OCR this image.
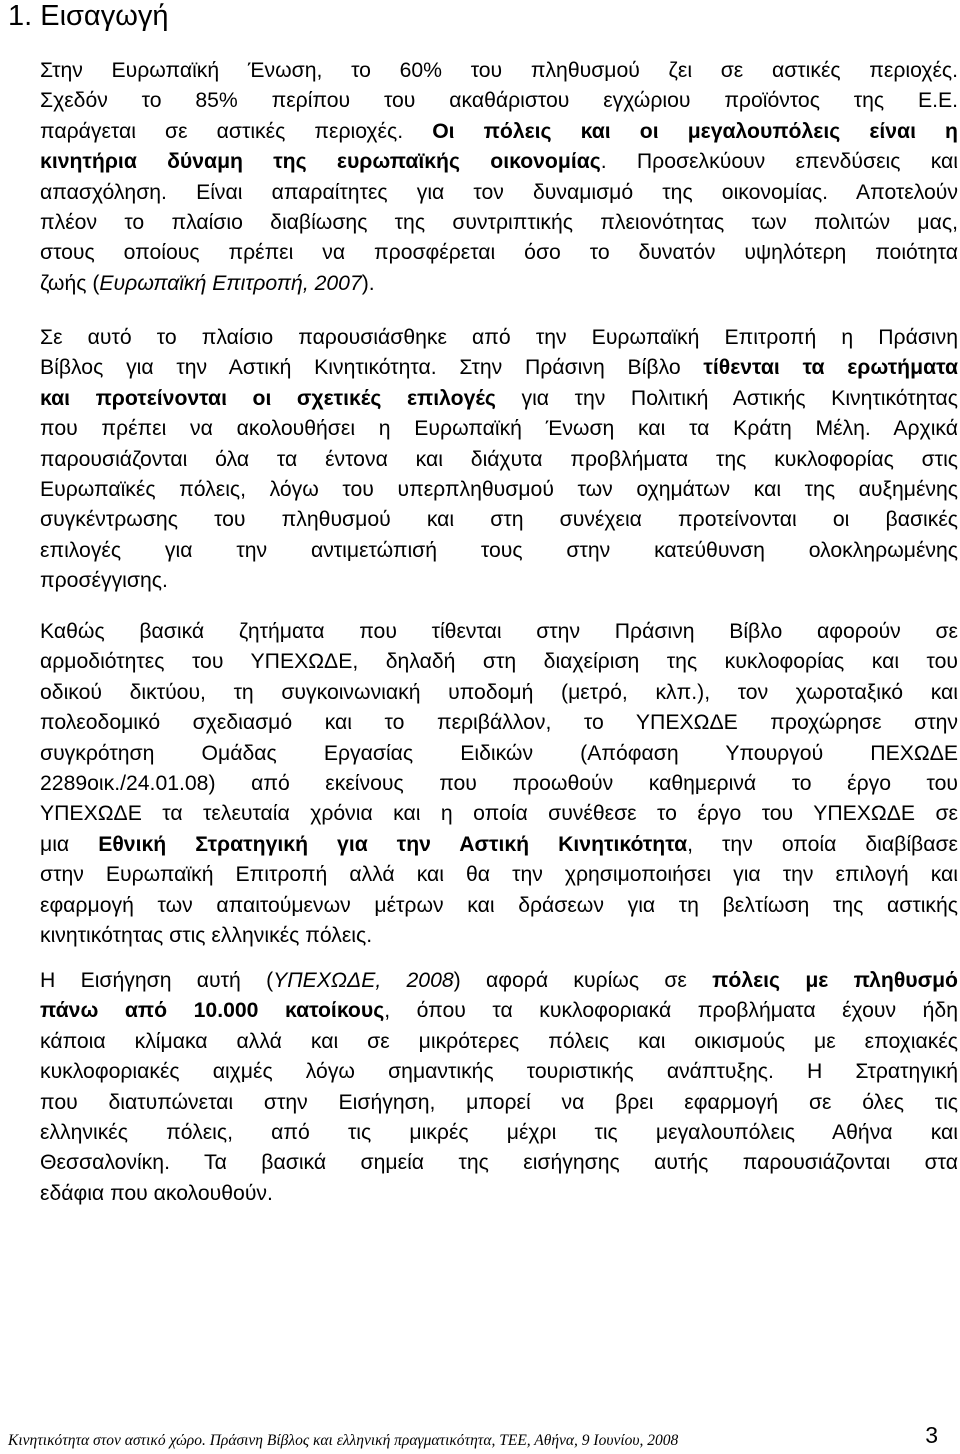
1. Εισαγωγή
Στην Ευρωπαϊκή Ένωση, το 60% του πληθυσμού ζει σε αστικές περιοχές.
Σχεδόν το 85% περίπου του ακαθάριστου εγχώριου προϊόντος της Ε.Ε.
παράγεται σε αστικές περιοχές. Οι πόλεις και οι μεγαλουπόλεις είναι η
κινητήρια δύναμη της ευρωπαϊκής οικονομίας. Προσελκύουν επενδύσεις και
απασχόληση. Είναι απαραίτητες για τον δυναμισμό της οικονομίας. Αποτελούν
πλέον το πλαίσιο διαβίωσης της συντριπτικής πλειονότητας των πολιτών μας,
στους οποίους πρέπει να προσφέρεται όσο το δυνατόν υψηλότερη ποιότητα
ζωής (Ευρωπαϊκή Επιτροπή, 2007).
Σε αυτό το πλαίσιο παρουσιάσθηκε από την Ευρωπαϊκή Επιτροπή η Πράσινη
Βίβλος για την Αστική Κινητικότητα. Στην Πράσινη Βίβλο τίθενται τα ερωτήματα
και προτείνονται οι σχετικές επιλογές για την Πολιτική Αστικής Κινητικότητας
που πρέπει να ακολουθήσει η Ευρωπαϊκή Ένωση και τα Κράτη Μέλη. Αρχικά
παρουσιάζονται όλα τα έντονα και διάχυτα προβλήματα της κυκλοφορίας στις
Ευρωπαϊκές πόλεις, λόγω του υπερπληθυσμού των οχημάτων και της αυξημένης
συγκέντρωσης του πληθυσμού και στη συνέχεια προτείνονται οι βασικές
επιλογές για την αντιμετώπισή τους στην κατεύθυνση ολοκληρωμένης
προσέγγισης.
Καθώς βασικά ζητήματα που τίθενται στην Πράσινη Βίβλο αφορούν σε
αρμοδιότητες του ΥΠΕΧΩΔΕ, δηλαδή στη διαχείριση της κυκλοφορίας και του
οδικού δικτύου, τη συγκοινωνιακή υποδομή (μετρό, κλπ.), τον χωροταξικό και
πολεοδομικό σχεδιασμό και το περιβάλλον, το ΥΠΕΧΩΔΕ προχώρησε στην
συγκρότηση Ομάδας Εργασίας Ειδικών (Απόφαση Υπουργού ΠΕΧΩΔΕ
2289οικ./24.01.08) από εκείνους που προωθούν καθημερινά το έργο του
ΥΠΕΧΩΔΕ τα τελευταία χρόνια και η οποία συνέθεσε το έργο του ΥΠΕΧΩΔΕ σε
μια Εθνική Στρατηγική για την Αστική Κινητικότητα, την οποία διαβίβασε
στην Ευρωπαϊκή Επιτροπή αλλά και θα την χρησιμοποιήσει για την επιλογή και
εφαρμογή των απαιτούμενων μέτρων και δράσεων για τη βελτίωση της αστικής
κινητικότητας στις ελληνικές πόλεις.
Η Εισήγηση αυτή (ΥΠΕΧΩΔΕ, 2008) αφορά κυρίως σε πόλεις με πληθυσμό
πάνω από 10.000 κατοίκους, όπου τα κυκλοφοριακά προβλήματα έχουν ήδη
κάποια κλίμακα αλλά και σε μικρότερες πόλεις και οικισμούς με εποχιακές
κυκλοφοριακές αιχμές λόγω σημαντικής τουριστικής ανάπτυξης. Η Στρατηγική
που διατυπώνεται στην Εισήγηση, μπορεί να βρει εφαρμογή σε όλες τις
ελληνικές πόλεις, από τις μικρές μέχρι τις μεγαλουπόλεις Αθήνα και
Θεσσαλονίκη. Τα βασικά σημεία της εισήγησης αυτής παρουσιάζονται στα
εδάφια που ακολουθούν.
Κινητικότητα στον αστικό χώρο. Πράσινη Βίβλος και ελληνική πραγματικότητα, ΤΕΕ, Αθήνα, 9 Ιουνίου, 2008	3
